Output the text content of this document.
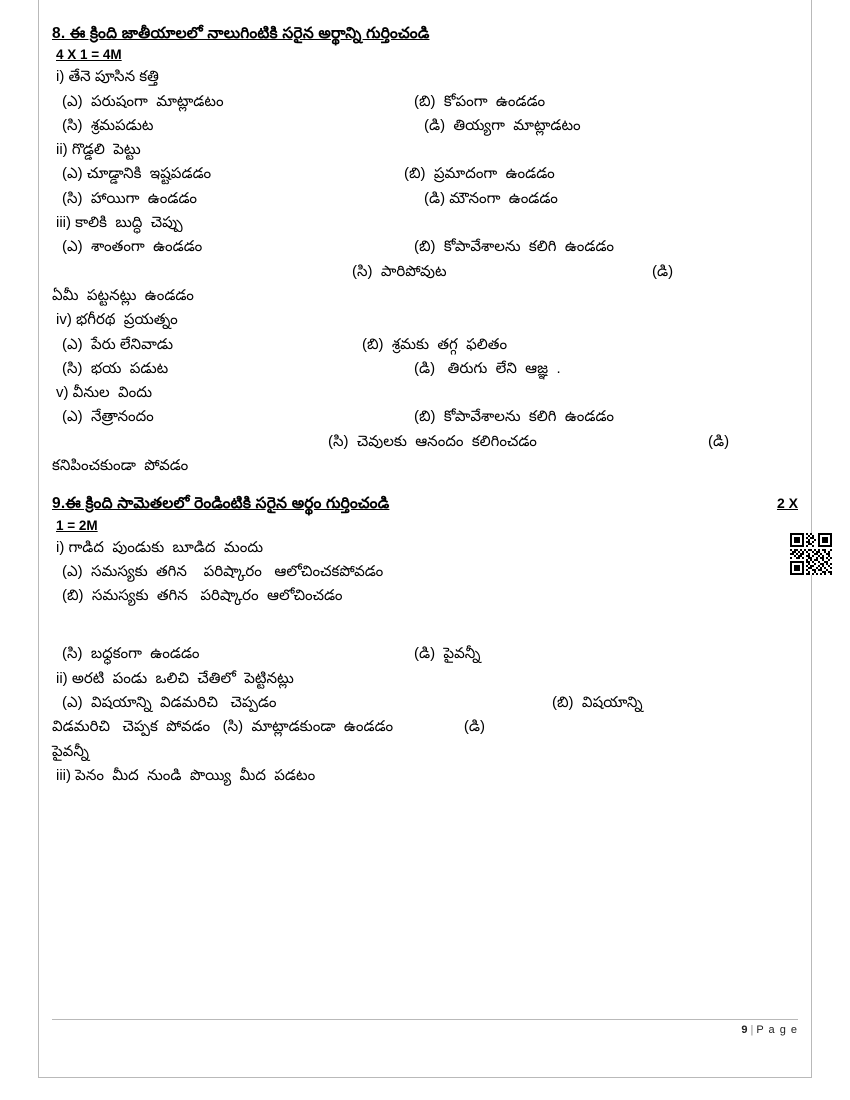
8. ఈ క్రింది జాతీయాలలో నాలుగింటికి సరైన అర్థాన్ని గుర్తించండి
4 X 1 = 4M
i) తేనె పూసిన కత్తి
(ఎ)  పరుషంగా  మాట్లాడటం	(బి)  కోపంగా  ఉండడం
(సి)  శ్రమపడుట	(డి)  తియ్యగా  మాట్లాడటం
ii) గొడ్డలి  పెట్టు
(ఎ) చూడ్డానికి  ఇష్టపడడం	(బి)  ప్రమాదంగా  ఉండడం
(సి)  హాయిగా  ఉండడం	(డి) మౌనంగా  ఉండడం
iii) కాలికి  బుద్ధి  చెప్పు
(ఎ)  శాంతంగా  ఉండడం	(బి)  కోపావేశాలను  కలిగి  ఉండడం
(సి)  పారిపోవుట	(డి)
ఏమీ  పట్టనట్లు  ఉండడం
iv) భగీరథ  ప్రయత్నం
(ఎ)  పేరు లేనివాడు	(బి)  శ్రమకు  తగ్గ  ఫలితం
(సి)  భయ  పడుట	(డి)   తిరుగు  లేని  ఆజ్ఞ  .
v) వీనుల  విందు
(ఎ)  నేత్రానందం	(బి)  కోపావేశాలను  కలిగి  ఉండడం
(సి)  చెవులకు  ఆనందం  కలిగించడం	(డి)
కనిపించకుండా  పోవడం
9.ఈ క్రింది సామెతలలో రెండింటికి సరైన అర్థం గుర్తించండి	2 X
1 = 2M
i) గాడిద  పుండుకు  బూడిద  మందు
(ఎ)  సమస్యకు  తగిన    పరిష్కారం   ఆలోచించకపోవడం
(బి)  సమస్యకు  తగిన   పరిష్కారం  ఆలోచించడం
(సి)  బధ్ధకంగా  ఉండడం	(డి)  పైవన్నీ
ii) అరటి  పండు  ఒలిచి  చేతిలో  పెట్టినట్లు
(ఎ)  విషయాన్ని  విడమరిచి   చెప్పడం	(బి)  విషయాన్ని
విడమరిచి   చెప్పక  పోవడం   (సి)  మాట్లాడకుండా  ఉండడం                 (డి)
పైవన్నీ
iii) పెనం  మీద  నుండి  పొయ్యి  మీద  పడటం
9 | P a g e
